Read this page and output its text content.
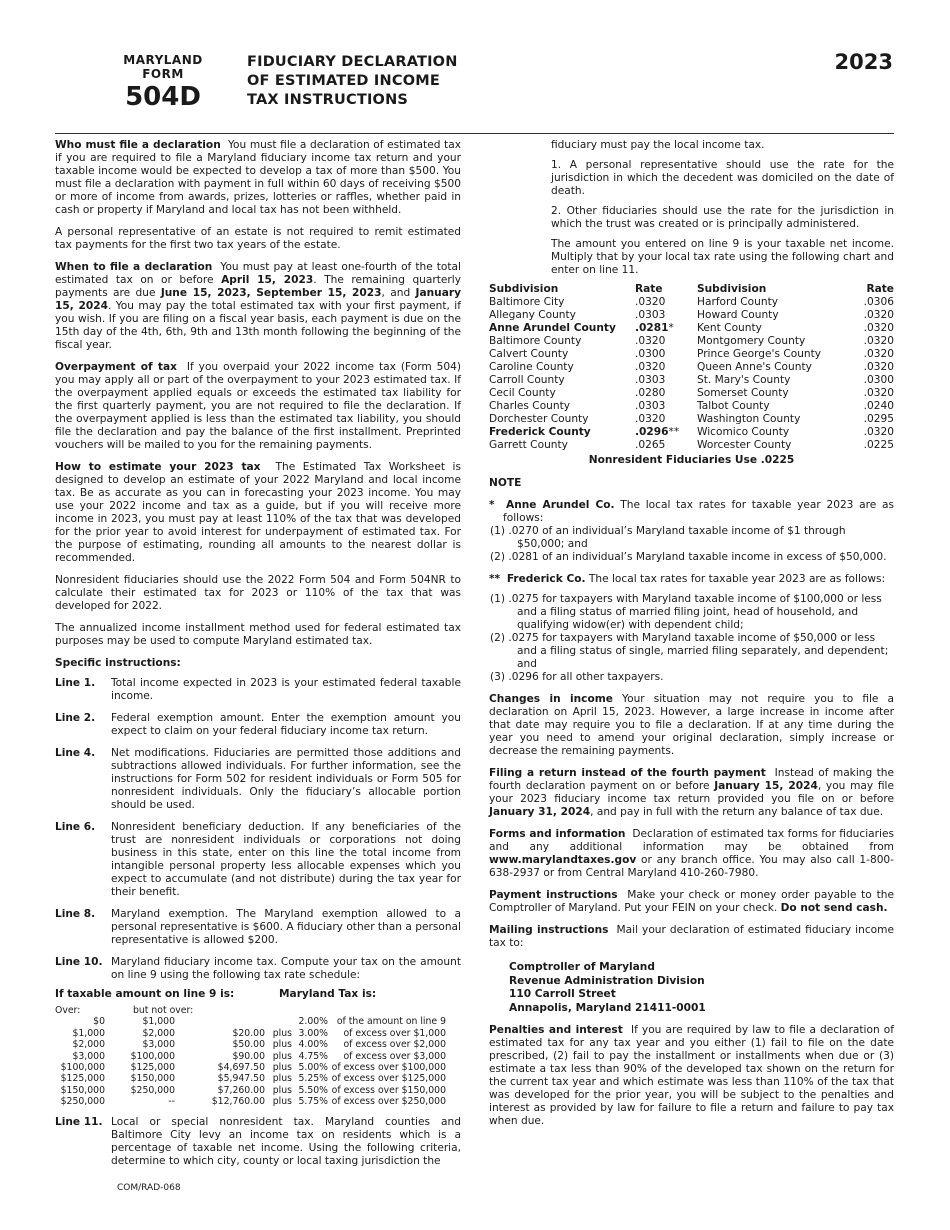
MARYLAND
FORM
504D
FIDUCIARY DECLARATION
OF ESTIMATED INCOME
TAX INSTRUCTIONS
2023

Who must file a declaration You must file a declaration of estimated tax if you are required to file a Maryland fiduciary income tax return and your taxable income would be expected to develop a tax of more than $500. You must file a declaration with payment in full within 60 days of receiving $500 or more of income from awards, prizes, lotteries or raffles, whether paid in cash or property if Maryland and local tax has not been withheld.

A personal representative of an estate is not required to remit estimated tax payments for the first two tax years of the estate.

When to file a declaration You must pay at least one-fourth of the total estimated tax on or before April 15, 2023. The remaining quarterly payments are due June 15, 2023, September 15, 2023, and January 15, 2024. You may pay the total estimated tax with your first payment, if you wish. If you are filing on a fiscal year basis, each payment is due on the 15th day of the 4th, 6th, 9th and 13th month following the beginning of the fiscal year.

Overpayment of tax If you overpaid your 2022 income tax (Form 504) you may apply all or part of the overpayment to your 2023 estimated tax. If the overpayment applied equals or exceeds the estimated tax liability for the first quarterly payment, you are not required to file the declaration. If the overpayment applied is less than the estimated tax liability, you should file the declaration and pay the balance of the first installment. Preprinted vouchers will be mailed to you for the remaining payments.

How to estimate your 2023 tax The Estimated Tax Worksheet is designed to develop an estimate of your 2022 Maryland and local income tax. Be as accurate as you can in forecasting your 2023 income. You may use your 2022 income and tax as a guide, but if you will receive more income in 2023, you must pay at least 110% of the tax that was developed for the prior year to avoid interest for underpayment of estimated tax. For the purpose of estimating, rounding all amounts to the nearest dollar is recommended.

Nonresident fiduciaries should use the 2022 Form 504 and Form 504NR to calculate their estimated tax for 2023 or 110% of the tax that was developed for 2022.

The annualized income installment method used for federal estimated tax purposes may be used to compute Maryland estimated tax.

Specific instructions:

Line 1.	Total income expected in 2023 is your estimated federal taxable income.
Line 2.	Federal exemption amount. Enter the exemption amount you expect to claim on your federal fiduciary income tax return.
Line 4.	Net modifications. Fiduciaries are permitted those additions and subtractions allowed individuals. For further information, see the instructions for Form 502 for resident individuals or Form 505 for nonresident individuals. Only the fiduciary’s allocable portion should be used.
Line 6.	Nonresident beneficiary deduction. If any beneficiaries of the trust are nonresident individuals or corporations not doing business in this state, enter on this line the total income from intangible personal property less allocable expenses which you expect to accumulate (and not distribute) during the tax year for their benefit.
Line 8.	Maryland exemption. The Maryland exemption allowed to a personal representative is $600. A fiduciary other than a personal representative is allowed $200.
Line 10. Maryland fiduciary income tax. Compute your tax on the amount on line 9 using the following tax rate schedule:
If taxable amount on line 9 is:	Maryland Tax is:
Over:	but not over:				
$0	$1,000			2.00%	of the amount on line 9
$1,000	$2,000	$20.00	plus	3.00%	of excess over $1,000
$2,000	$3,000	$50.00	plus	4.00%	of excess over $2,000
$3,000	$100,000	$90.00	plus	4.75%	of excess over $3,000
$100,000	$125,000	$4,697.50	plus	5.00%	of excess over $100,000
$125,000	$150,000	$5,947.50	plus	5.25%	of excess over $125,000
$150,000	$250,000	$7,260.00	plus	5.50%	of excess over $150,000
$250,000	--	$12,760.00	plus	5.75%	of excess over $250,000
Line 11. Local or special nonresident tax. Maryland counties and Baltimore City levy an income tax on residents which is a percentage of taxable net income. Using the following criteria, determine to which city, county or local taxing jurisdiction the

fiduciary must pay the local income tax.

1. A personal representative should use the rate for the jurisdiction in which the decedent was domiciled on the date of death.

2. Other fiduciaries should use the rate for the jurisdiction in which the trust was created or is principally administered.

The amount you entered on line 9 is your taxable net income. Multiply that by your local tax rate using the following chart and enter on line 11.

Subdivision	Rate	Subdivision	Rate
Baltimore City	.0320	Harford County	.0306
Allegany County	.0303	Howard County	.0320
Anne Arundel County	.0281*	Kent County	.0320
Baltimore County	.0320	Montgomery County	.0320
Calvert County	.0300	Prince George's County	.0320
Caroline County	.0320	Queen Anne's County	.0320
Carroll County	.0303	St. Mary's County	.0300
Cecil County	.0280	Somerset County	.0320
Charles County	.0303	Talbot County	.0240
Dorchester County	.0320	Washington County	.0295
Frederick County	.0296**	Wicomico County	.0320
Garrett County	.0265	Worcester County	.0225
Nonresident Fiduciaries Use .0225
NOTE
* Anne Arundel Co. The local tax rates for taxable year 2023 are as follows:
(1) .0270 of an individual’s Maryland taxable income of $1 through $50,000; and
(2) .0281 of an individual’s Maryland taxable income in excess of $50,000.
** Frederick Co. The local tax rates for taxable year 2023 are as follows:
(1) .0275 for taxpayers with Maryland taxable income of $100,000 or less and a filing status of married filing joint, head of household, and qualifying widow(er) with dependent child;
(2) .0275 for taxpayers with Maryland taxable income of $50,000 or less and a filing status of single, married filing separately, and dependent; and
(3) .0296 for all other taxpayers.

Changes in income Your situation may not require you to file a declaration on April 15, 2023. However, a large increase in income after that date may require you to file a declaration. If at any time during the year you need to amend your original declaration, simply increase or decrease the remaining payments.

Filing a return instead of the fourth payment Instead of making the fourth declaration payment on or before January 15, 2024, you may file your 2023 fiduciary income tax return provided you file on or before January 31, 2024, and pay in full with the return any balance of tax due.

Forms and information Declaration of estimated tax forms for fiduciaries and any additional information may be obtained from www.marylandtaxes.gov or any branch office. You may also call 1-800-638-2937 or from Central Maryland 410-260-7980.

Payment instructions Make your check or money order payable to the Comptroller of Maryland. Put your FEIN on your check. Do not send cash.

Mailing instructions Mail your declaration of estimated fiduciary income tax to:

Comptroller of Maryland
Revenue Administration Division
110 Carroll Street
Annapolis, Maryland 21411-0001

Penalties and interest If you are required by law to file a declaration of estimated tax for any tax year and you either (1) fail to file on the date prescribed, (2) fail to pay the installment or installments when due or (3) estimate a tax less than 90% of the developed tax shown on the return for the current tax year and which estimate was less than 110% of the tax that was developed for the prior year, you will be subject to the penalties and interest as provided by law for failure to file a return and failure to pay tax when due.

COM/RAD-068
